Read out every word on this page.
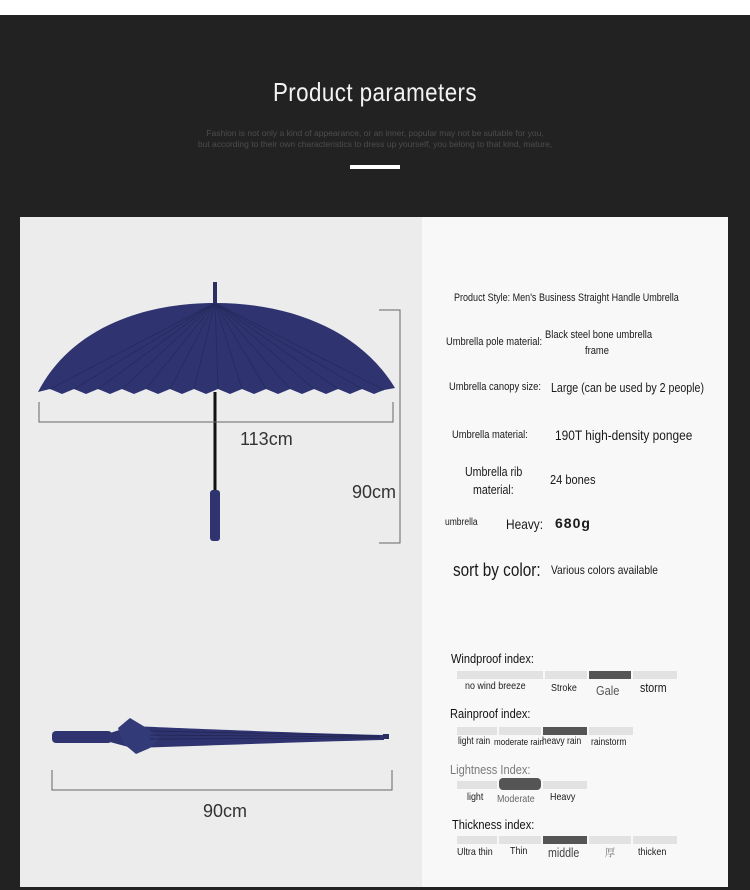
Product parameters
Fashion is not only a kind of appearance, or an inner, popular may not be suitable for you,
but according to their own characteristics to dress up yourself, you belong to that kind, mature,
113cm
90cm
90cm
Product Style: Men's Business Straight Handle Umbrella
Umbrella pole material:
Black steel bone umbrella
frame
Umbrella canopy size: Large (can be used by 2 people)
Umbrella material:	190T high-density pongee
Umbrella rib
material:
24 bones
umbrella	Heavy: 680g
sort by color: Various colors available
Windproof index:
no wind breeze	Stroke	Gale	storm
Rainproof index:
light rain moderate rain
heavy rain	rainstorm
Lightness Index:
light	Moderate	Heavy
Thickness index:
Ultra thin	Thin	middle	厚	thicken
